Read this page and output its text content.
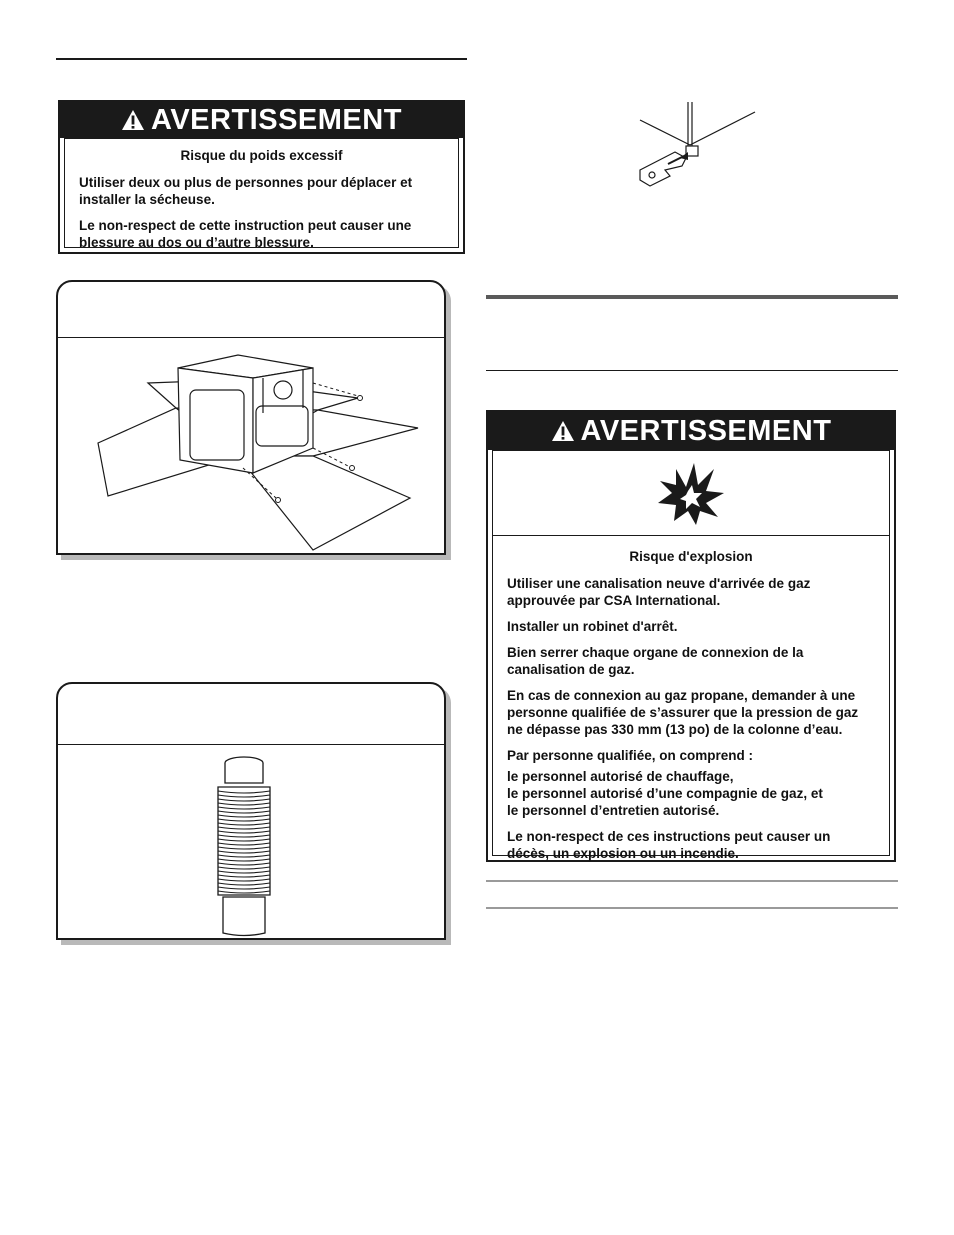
AVERTISSEMENT
Risque du poids excessif

Utiliser deux ou plus de personnes pour déplacer et installer la sécheuse.

Le non-respect de cette instruction peut causer une blessure au dos ou d’autre blessure.

AVERTISSEMENT
Risque d'explosion

Utiliser une canalisation neuve d'arrivée de gaz approuvée par CSA International.

Installer un robinet d'arrêt.

Bien serrer chaque organe de connexion de la canalisation de gaz.

En cas de connexion au gaz propane, demander à une personne qualifiée de s’assurer que la pression de gaz ne dépasse pas 330 mm (13 po) de la colonne d’eau.

Par personne qualifiée, on comprend :

le personnel autorisé de chauffage,
le personnel autorisé d’une compagnie de gaz, et

le personnel d’entretien autorisé.

Le non-respect de ces instructions peut causer un décès, un explosion ou un incendie.
